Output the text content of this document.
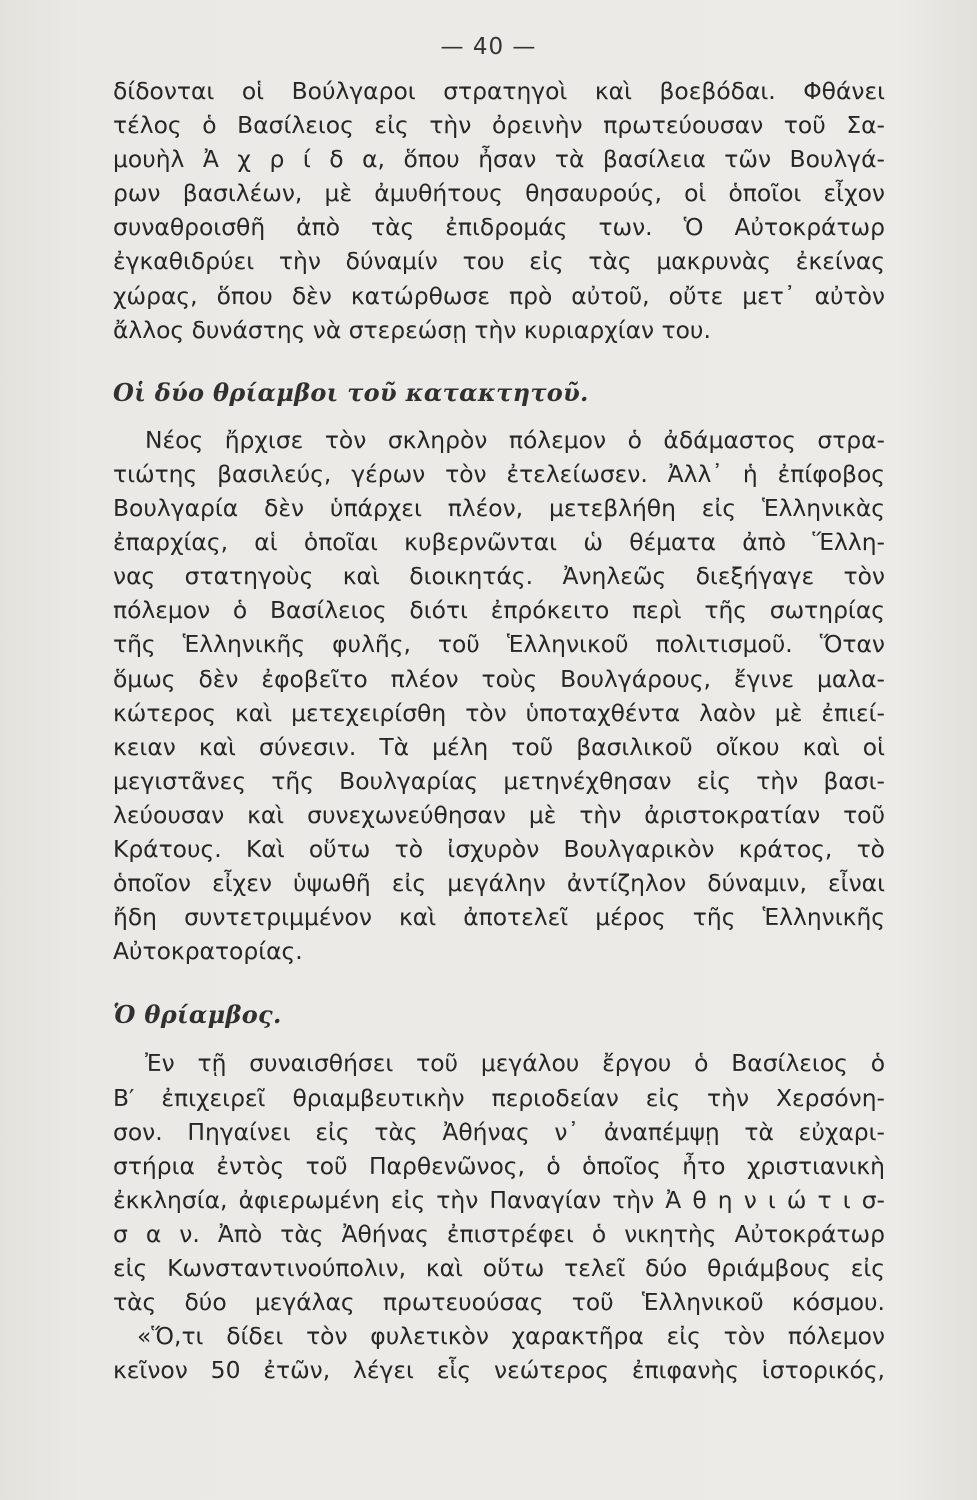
— 40 —

δίδονται οἱ Βούλγαροι στρατηγοὶ καὶ βοεβόδαι. Φθάνει
τέλος ὁ Βασίλειος εἰς τὴν ὀρεινὴν πρωτεύουσαν τοῦ Σα-
μουὴλ Ἀ χ ρ ί δ α, ὅπου ἦσαν τὰ βασίλεια τῶν Βουλγά-
ρων βασιλέων, μὲ ἀμυθήτους θησαυρούς, οἱ ὁποῖοι εἶχον
συναθροισθῆ ἀπὸ τὰς ἐπιδρομάς των. Ὁ Αὐτοκράτωρ
ἐγκαθιδρύει τὴν δύναμίν του εἰς τὰς μακρυνὰς ἐκείνας
χώρας, ὅπου δὲν κατώρθωσε πρὸ αὐτοῦ, οὔτε μετ᾽ αὐτὸν
ἄλλος δυνάστης νὰ στερεώσῃ τὴν κυριαρχίαν του.

Οἱ δύο θρίαμβοι τοῦ κατακτητοῦ.

Νέος ἤρχισε τὸν σκληρὸν πόλεμον ὁ ἀδάμαστος στρα-
τιώτης βασιλεύς, γέρων τὸν ἐτελείωσεν. Ἀλλ᾽ ἡ ἐπίφοβος
Βουλγαρία δὲν ὑπάρχει πλέον, μετεβλήθη εἰς Ἑλληνικὰς
ἐπαρχίας, αἱ ὁποῖαι κυβερνῶνται ὡ θέματα ἀπὸ Ἕλλη-
νας στατηγοὺς καὶ διοικητάς. Ἀνηλεῶς διεξήγαγε τὸν
πόλεμον ὁ Βασίλειος διότι ἐπρόκειτο περὶ τῆς σωτηρίας
τῆς Ἑλληνικῆς φυλῆς, τοῦ Ἑλληνικοῦ πολιτισμοῦ. Ὅταν
ὅμως δὲν ἐφοβεῖτο πλέον τοὺς Βουλγάρους, ἔγινε μαλα-
κώτερος καὶ μετεχειρίσθη τὸν ὑποταχθέντα λαὸν μὲ ἐπιεί-
κειαν καὶ σύνεσιν. Τὰ μέλη τοῦ βασιλικοῦ οἴκου καὶ οἱ
μεγιστᾶνες τῆς Βουλγαρίας μετηνέχθησαν εἰς τὴν βασι-
λεύουσαν καὶ συνεχωνεύθησαν μὲ τὴν ἀριστοκρατίαν τοῦ
Κράτους. Καὶ οὕτω τὸ ἰσχυρὸν Βουλγαρικὸν κράτος, τὸ
ὁποῖον εἶχεν ὑψωθῆ εἰς μεγάλην ἀντίζηλον δύναμιν, εἶναι
ἤδη συντετριμμένον καὶ ἀποτελεῖ μέρος τῆς Ἑλληνικῆς
Αὐτοκρατορίας.

Ὁ θρίαμβος.

Ἐν τῇ συναισθήσει τοῦ μεγάλου ἔργου ὁ Βασίλειος ὁ
Β′ ἐπιχειρεῖ θριαμβευτικὴν περιοδείαν εἰς τὴν Χερσόνη-
σον. Πηγαίνει εἰς τὰς Ἀθήνας ν᾽ ἀναπέμψῃ τὰ εὐχαρι-
στήρια ἐντὸς τοῦ Παρθενῶνος, ὁ ὁποῖος ἦτο χριστιανικὴ
ἐκκλησία, ἀφιερωμένη εἰς τὴν Παναγίαν τὴν Ἀ θ η ν ι ώ τ ι σ-
σ α ν. Ἀπὸ τὰς Ἀθήνας ἐπιστρέφει ὁ νικητὴς Αὐτοκράτωρ
εἰς Κωνσταντινούπολιν, καὶ οὕτω τελεῖ δύο θριάμβους εἰς
τὰς δύο μεγάλας πρωτευούσας τοῦ Ἑλληνικοῦ κόσμου.

«Ὅ,τι δίδει τὸν φυλετικὸν χαρακτῆρα εἰς τὸν πόλεμον
κεῖνον 50 ἐτῶν, λέγει εἷς νεώτερος ἐπιφανὴς ἱστορικός,
